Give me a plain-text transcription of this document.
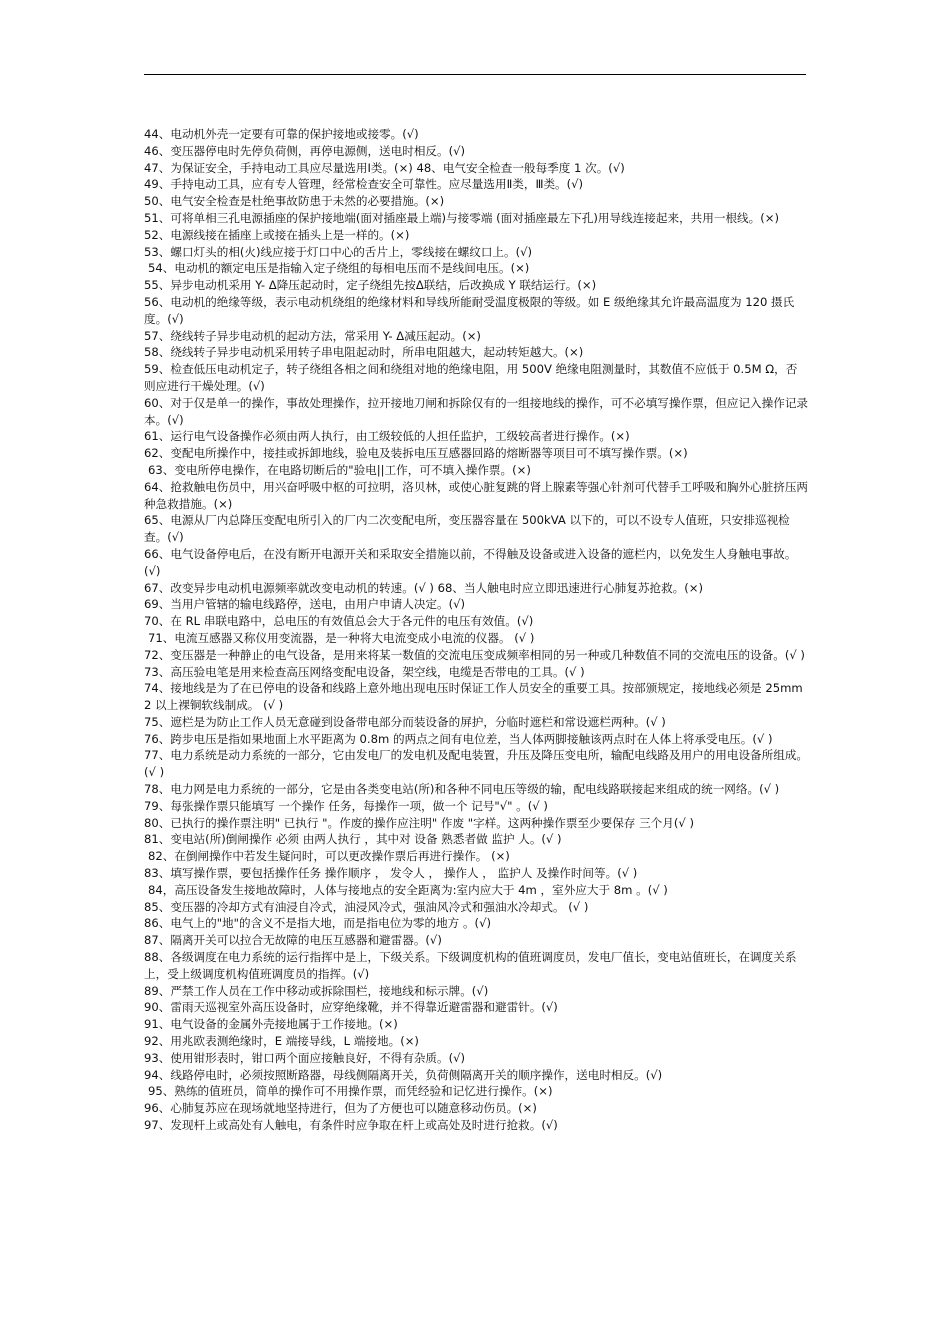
44、电动机外壳一定要有可靠的保护接地或接零。(√)

46、变压器停电时先停负荷侧，再停电源侧，送电时相反。(√)

47、为保证安全，手持电动工具应尽量选用Ⅰ类。(×) 48、电气安全检查一般每季度 1 次。(√)

49、手持电动工具，应有专人管理，经常检查安全可靠性。应尽量选用Ⅱ类，Ⅲ类。(√)

50、电气安全检查是杜绝事故防患于未然的必要措施。(×)

51、可将单相三孔电源插座的保护接地端(面对插座最上端)与接零端 (面对插座最左下孔)用导线连接起来，共用一根线。(×)

52、电源线接在插座上或接在插头上是一样的。(×)

53、螺口灯头的相(火)线应接于灯口中心的舌片上，零线接在螺纹口上。(√)

54、电动机的额定电压是指输入定子绕组的每相电压而不是线间电压。(×)

55、异步电动机采用 Y- Δ降压起动时，定子绕组先按Δ联结，后改换成 Y 联结运行。(×)

56、电动机的绝缘等级，表示电动机绕组的绝缘材料和导线所能耐受温度极限的等级。如 E 级绝缘其允许最高温度为 120 摄氏度。(√)

57、绕线转子异步电动机的起动方法，常采用 Y- Δ减压起动。(×)

58、绕线转子异步电动机采用转子串电阻起动时，所串电阻越大，起动转矩越大。(×)

59、检查低压电动机定子，转子绕组各相之间和绕组对地的绝缘电阻，用 500V 绝缘电阻测量时，其数值不应低于 0.5M Ω，否则应进行干燥处理。(√)

60、对于仅是单一的操作，事故处理操作，拉开接地刀闸和拆除仅有的一组接地线的操作，可不必填写操作票，但应记入操作记录本。(√)

61、运行电气设备操作必须由两人执行，由工级较低的人担任监护，工级较高者进行操作。(×)

62、变配电所操作中，接挂或拆卸地线，验电及装拆电压互感器回路的熔断器等项目可不填写操作票。(×)

63、变电所停电操作，在电路切断后的"验电||工作，可不填入操作票。(×)

64、抢救触电伤员中，用兴奋呼吸中枢的可拉明，洛贝林，或使心脏复跳的肾上腺素等强心针剂可代替手工呼吸和胸外心脏挤压两种急救措施。(×)

65、电源从厂内总降压变配电所引入的厂内二次变配电所，变压器容量在 500kVA 以下的，可以不设专人值班，只安排巡视检查。(√)

66、电气设备停电后，在没有断开电源开关和采取安全措施以前，不得触及设备或进入设备的遮栏内，以免发生人身触电事故。(√)

67、改变异步电动机电源频率就改变电动机的转速。(√ ) 68、当人触电时应立即迅速进行心肺复苏抢救。(×)

69、当用户管辖的输电线路停，送电，由用户申请人决定。(√)

70、在 RL 串联电路中，总电压的有效值总会大于各元件的电压有效值。(√)

71、电流互感器又称仪用变流器，是一种将大电流变成小电流的仪器。 (√ )

72、变压器是一种静止的电气设备，是用来将某一数值的交流电压变成频率相同的另一种或几种数值不同的交流电压的设备。(√ )

73、高压验电笔是用来检查高压网络变配电设备，架空线，电缆是否带电的工具。(√ )

74、接地线是为了在已停电的设备和线路上意外地出现电压时保证工作人员安全的重要工具。按部颁规定，接地线必须是 25mm2 以上裸铜软线制成。 (√ )

75、遮栏是为防止工作人员无意碰到设备带电部分而装设备的屏护，分临时遮栏和常设遮栏两种。(√ )

76、跨步电压是指如果地面上水平距离为 0.8m 的两点之间有电位差，当人体两脚接触该两点时在人体上将承受电压。(√ )

77、电力系统是动力系统的一部分，它由发电厂的发电机及配电装置，升压及降压变电所，输配电线路及用户的用电设备所组成。(√ )

78、电力网是电力系统的一部分，它是由各类变电站(所)和各种不同电压等级的输，配电线路联接起来组成的统一网络。(√ )

79、每张操作票只能填写 一个操作 任务，每操作一项，做一个 记号"√" 。(√ )

80、已执行的操作票注明" 已执行 "。作废的操作应注明" 作废 "字样。这两种操作票至少要保存 三个月(√ )

81、变电站(所)倒闸操作 必须 由两人执行 ，其中对 设备 熟悉者做 监护 人。(√ )

82、在倒闸操作中若发生疑问时，可以更改操作票后再进行操作。 (×)

83、填写操作票，要包括操作任务 操作顺序 ， 发令人 ， 操作人 ， 监护人 及操作时间等。(√ )

84，高压设备发生接地故障时，人体与接地点的安全距离为:室内应大于 4m ，室外应大于 8m 。(√ )

85、变压器的冷却方式有油浸自冷式，油浸风冷式，强油风冷式和强油水冷却式。 (√ )

86、电气上的"地"的含义不是指大地，而是指电位为零的地方 。(√)

87、隔离开关可以拉合无故障的电压互感器和避雷器。(√)

88、各级调度在电力系统的运行指挥中是上，下级关系。下级调度机构的值班调度员，发电厂值长，变电站值班长，在调度关系上，受上级调度机构值班调度员的指挥。(√)

89、严禁工作人员在工作中移动或拆除围栏，接地线和标示牌。(√)

90、雷雨天巡视室外高压设备时，应穿绝缘靴，并不得靠近避雷器和避雷针。(√)

91、电气设备的金属外壳接地属于工作接地。(×)

92、用兆欧表测绝缘时，E 端接导线，L 端接地。(×)

93、使用钳形表时，钳口两个面应接触良好，不得有杂质。(√)

94、线路停电时，必须按照断路器，母线侧隔离开关，负荷侧隔离开关的顺序操作，送电时相反。(√)

95、熟练的值班员，简单的操作可不用操作票，而凭经验和记忆进行操作。(×)

96、心肺复苏应在现场就地坚持进行，但为了方便也可以随意移动伤员。(×)

97、发现杆上或高处有人触电，有条件时应争取在杆上或高处及时进行抢救。(√)
